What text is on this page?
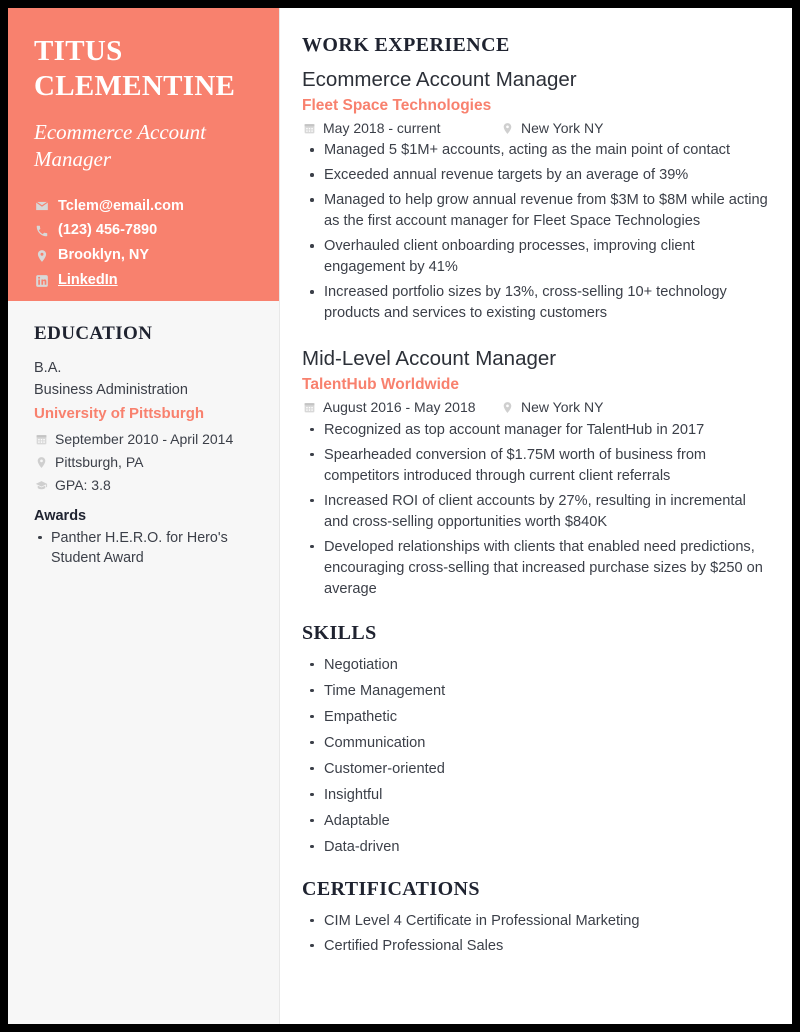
TITUS
CLEMENTINE
Ecommerce Account Manager
Tclem@email.com
(123) 456-7890
Brooklyn, NY
LinkedIn
EDUCATION
B.A.
Business Administration
University of Pittsburgh
September 2010 - April 2014
Pittsburgh, PA
GPA: 3.8
Awards
Panther H.E.R.O. for Hero's Student Award
WORK EXPERIENCE
Ecommerce Account Manager
Fleet Space Technologies
May 2018 - current	New York NY
Managed 5 $1M+ accounts, acting as the main point of contact
Exceeded annual revenue targets by an average of 39%
Managed to help grow annual revenue from $3M to $8M while acting as the first account manager for Fleet Space Technologies
Overhauled client onboarding processes, improving client engagement by 41%
Increased portfolio sizes by 13%, cross-selling 10+ technology products and services to existing customers
Mid-Level Account Manager
TalentHub Worldwide
August 2016 - May 2018	New York NY
Recognized as top account manager for TalentHub in 2017
Spearheaded conversion of $1.75M worth of business from competitors introduced through current client referrals
Increased ROI of client accounts by 27%, resulting in incremental and cross-selling opportunities worth $840K
Developed relationships with clients that enabled need predictions, encouraging cross-selling that increased purchase sizes by $250 on average
SKILLS
Negotiation
Time Management
Empathetic
Communication
Customer-oriented
Insightful
Adaptable
Data-driven
CERTIFICATIONS
CIM Level 4 Certificate in Professional Marketing
Certified Professional Sales
